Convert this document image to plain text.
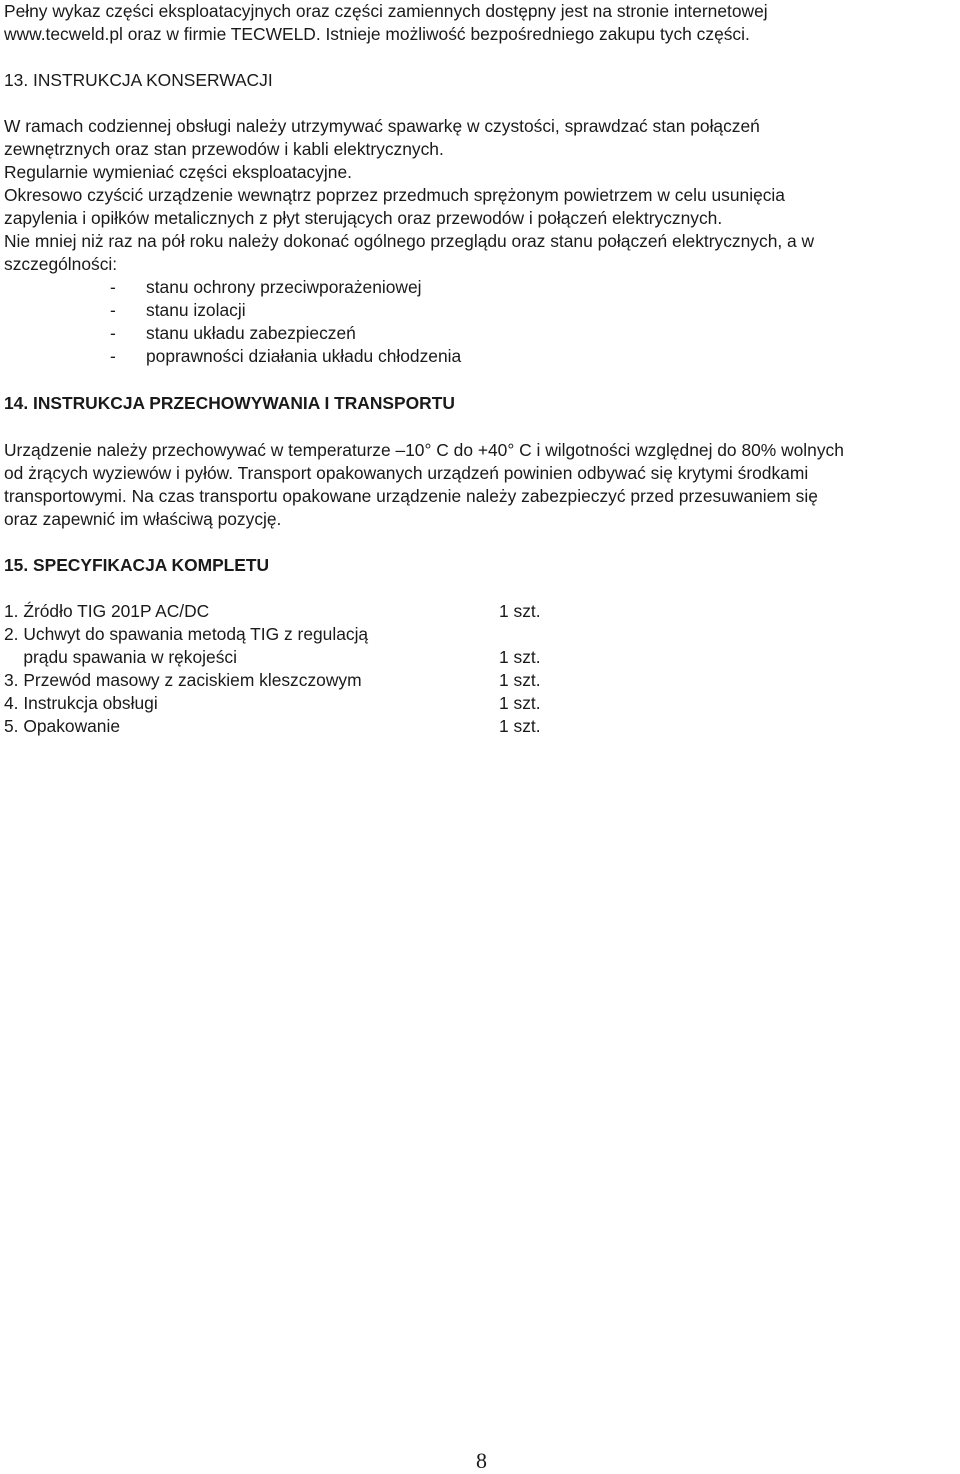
Pełny wykaz części eksploatacyjnych oraz części zamiennych dostępny jest na stronie internetowej
www.tecweld.pl oraz w firmie TECWELD. Istnieje możliwość bezpośredniego zakupu tych części.
13. INSTRUKCJA KONSERWACJI
W ramach codziennej obsługi należy utrzymywać spawarkę w czystości, sprawdzać stan połączeń
zewnętrznych oraz stan przewodów i kabli elektrycznych.
Regularnie wymieniać części eksploatacyjne.
Okresowo czyścić urządzenie wewnątrz poprzez przedmuch sprężonym powietrzem w celu usunięcia
zapylenia i opiłków metalicznych z płyt sterujących oraz przewodów i połączeń elektrycznych.
Nie mniej niż raz na pół roku należy dokonać ogólnego przeglądu oraz stanu połączeń elektrycznych, a w
szczególności:
- stanu ochrony przeciwporażeniowej
- stanu izolacji
- stanu układu zabezpieczeń
- poprawności działania układu chłodzenia
14. INSTRUKCJA PRZECHOWYWANIA I TRANSPORTU
Urządzenie należy przechowywać w temperaturze –10° C do +40° C i wilgotności względnej do 80% wolnych
od żrących wyziewów i pyłów. Transport opakowanych urządzeń powinien odbywać się krytymi środkami
transportowymi. Na czas transportu opakowane urządzenie należy zabezpieczyć przed przesuwaniem się
oraz zapewnić im właściwą pozycję.
15. SPECYFIKACJA KOMPLETU
1. Źródło TIG 201P AC/DC	1 szt.
2. Uchwyt do spawania metodą TIG z regulacją
prądu spawania w rękojeści	1 szt.
3. Przewód masowy z zaciskiem kleszczowym	1 szt.
4. Instrukcja obsługi	1 szt.
5. Opakowanie	1 szt.
8
